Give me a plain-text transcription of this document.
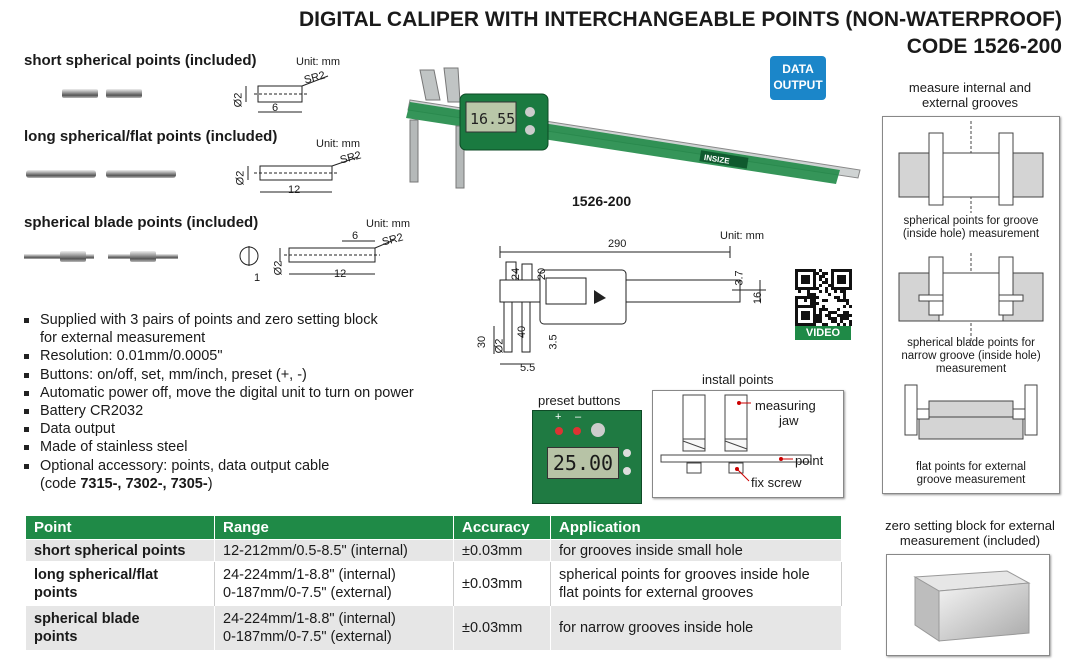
DIGITAL CALIPER WITH INTERCHANGEABLE POINTS (NON-WATERPROOF)
CODE 1526-200
short spherical points (included)	Unit: mm
SR2
Ø2
6
long spherical/flat points (included)	Unit: mm
SR2
Ø2
12
spherical blade points (included)	Unit: mm
6 SR2
Ø2
1	12
Supplied with 3 pairs of points and zero setting block
for external measurement
Resolution: 0.01mm/0.0005"
Buttons: on/off, set, mm/inch, preset (+, -)
Automatic power off, move the digital unit to turn on power
Battery CR2032
Data output
Made of stainless steel
Optional accessory: points, data output cable
(code 7315-, 7302-, 7305-)
16.55
INSIZE
1526-200
DATA
OUTPUT
Unit: mm
290
24 20	3.7
16
30 Ø2
40
3.5
5.5
VIDEO
preset buttons
+ –
25.00
install points
measuring
jaw
point
fix screw
measure internal and
external grooves
spherical points for groove
(inside hole) measurement
spherical blade points for
narrow groove (inside hole)
measurement
flat points for external
groove measurement
zero setting block for external
measurement (included)
Point	Range	Accuracy	Application
short spherical points	12-212mm/0.5-8.5" (internal)	±0.03mm	for grooves inside small hole
long spherical/flat
points	24-224mm/1-8.8" (internal)
0-187mm/0-7.5" (external)	±0.03mm	spherical points for grooves inside hole
flat points for external grooves
spherical blade
points	24-224mm/1-8.8" (internal)
0-187mm/0-7.5" (external)	±0.03mm	for narrow grooves inside hole
